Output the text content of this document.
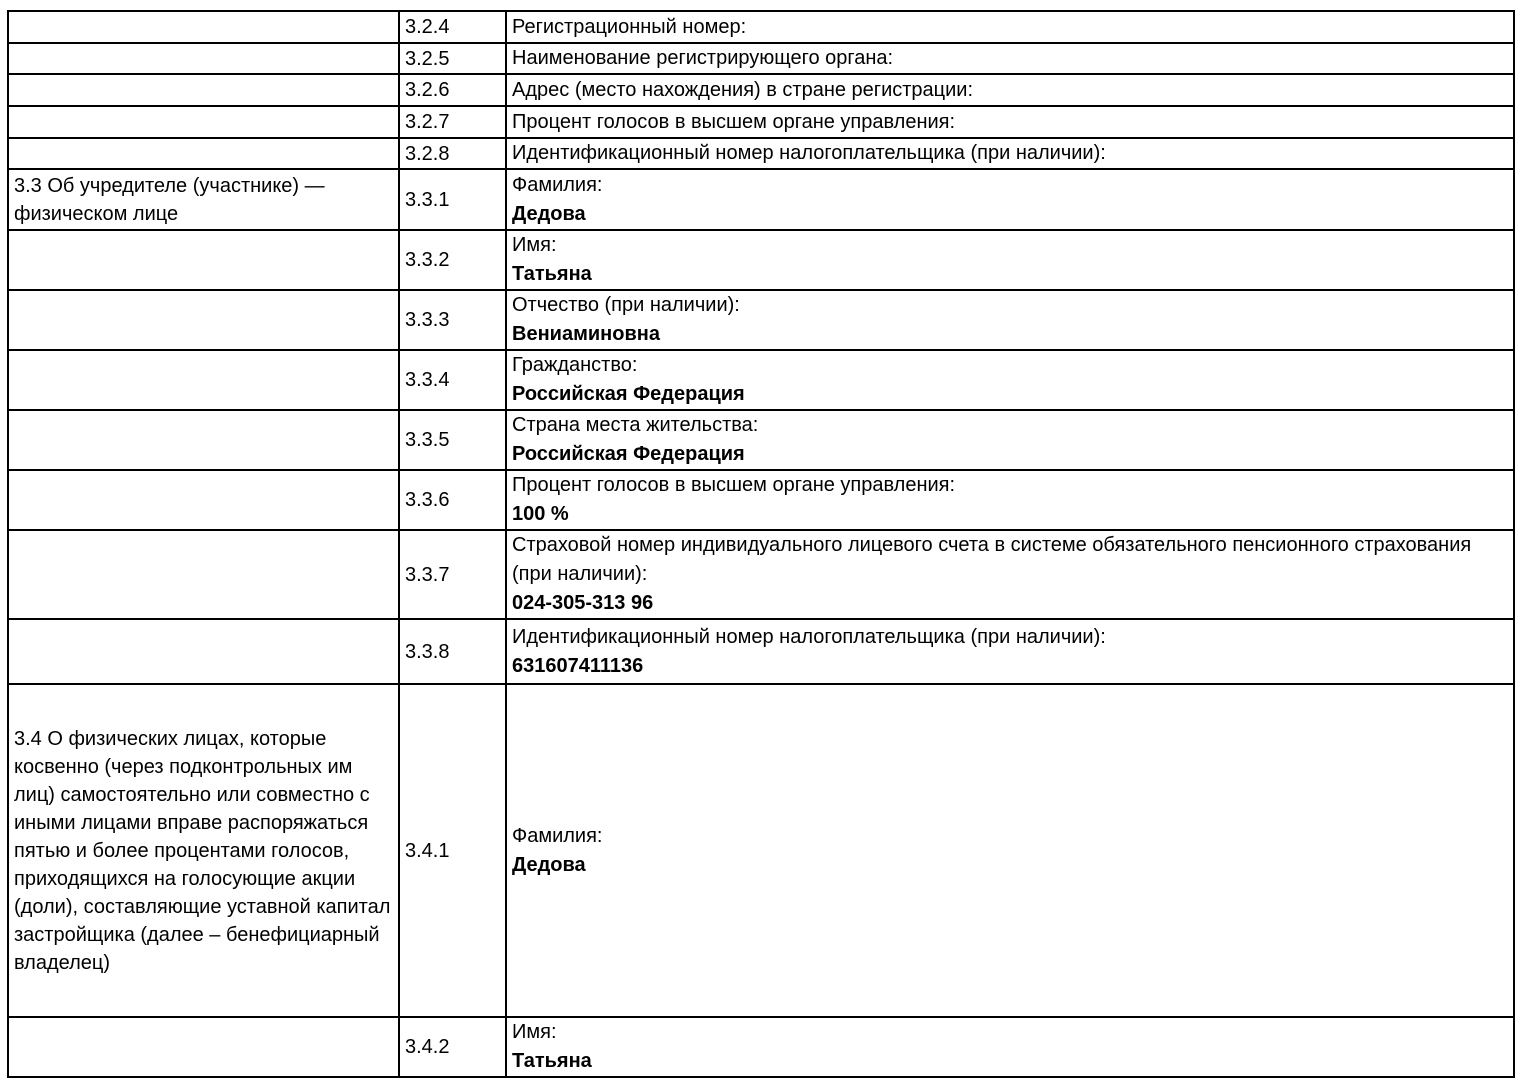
	3.2.4	Регистрационный номер:

	3.2.5	Наименование регистрирующего органа:

	3.2.6	Адрес (место нахождения) в стране регистрации:

	3.2.7	Процент голосов в высшем органе управления:

	3.2.8	Идентификационный номер налогоплательщика (при наличии):

3.3 Об учредителе (участнике) — физическом лице	3.3.1	Фамилия:
Дедова

	3.3.2	Имя:
Татьяна

	3.3.3	Отчество (при наличии):
Вениаминовна

	3.3.4	Гражданство:
Российская Федерация

	3.3.5	Страна места жительства:
Российская Федерация

	3.3.6	Процент голосов в высшем органе управления:
100 %

	3.3.7	Страховой номер индивидуального лицевого счета в системе обязательного пенсионного страхования (при наличии):
024-305-313 96

	3.3.8	Идентификационный номер налогоплательщика (при наличии):
631607411136

3.4 О физических лицах, которые косвенно (через подконтрольных им лиц) самостоятельно или совместно с иными лицами вправе распоряжаться пятью и более процентами голосов, приходящихся на голосующие акции (доли), составляющие уставной капитал застройщика (далее – бенефициарный владелец)	3.4.1	Фамилия:
Дедова

	3.4.2	Имя:
Татьяна
